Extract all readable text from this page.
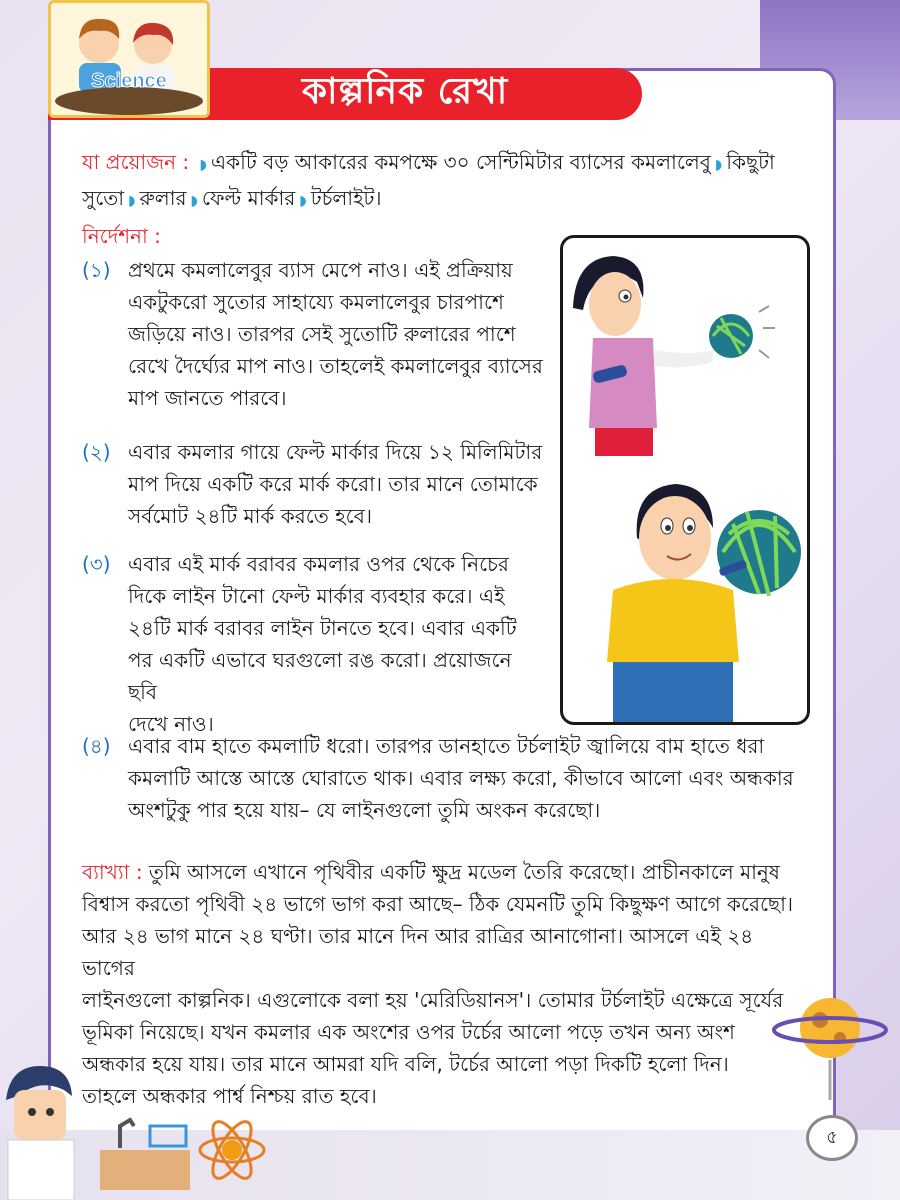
কাল্পনিক রেখা
Science
যা প্রয়োজন : ◗ একটি বড় আকারের কমপক্ষে ৩০ সেন্টিমিটার ব্যাসের কমলালেবু ◗ কিছুটা
সুতো ◗ রুলার ◗ ফেল্ট মার্কার ◗ টর্চলাইট।
নির্দেশনা :
(১) প্রথমে কমলালেবুর ব্যাস মেপে নাও। এই প্রক্রিয়ায়
একটুকরো সুতোর সাহায্যে কমলালেবুর চারপাশে
জড়িয়ে নাও। তারপর সেই সুতোটি রুলারের পাশে
রেখে দৈর্ঘ্যের মাপ নাও। তাহলেই কমলালেবুর ব্যাসের
মাপ জানতে পারবে।
(২) এবার কমলার গায়ে ফেল্ট মার্কার দিয়ে ১২ মিলিমিটার
মাপ দিয়ে একটি করে মার্ক করো। তার মানে তোমাকে
সর্বমোট ২৪টি মার্ক করতে হবে।
(৩) এবার এই মার্ক বরাবর কমলার ওপর থেকে নিচের
দিকে লাইন টানো ফেল্ট মার্কার ব্যবহার করে। এই
২৪টি মার্ক বরাবর লাইন টানতে হবে। এবার একটি
পর একটি এভাবে ঘরগুলো রঙ করো। প্রয়োজনে ছবি
দেখে নাও।
(৪) এবার বাম হাতে কমলাটি ধরো। তারপর ডানহাতে টর্চলাইট জ্বালিয়ে বাম হাতে ধরা
কমলাটি আস্তে আস্তে ঘোরাতে থাক। এবার লক্ষ্য করো, কীভাবে আলো এবং অন্ধকার
অংশটুকু পার হয়ে যায়– যে লাইনগুলো তুমি অংকন করেছো।
ব্যাখ্যা : তুমি আসলে এখানে পৃথিবীর একটি ক্ষুদ্র মডেল তৈরি করেছো। প্রাচীনকালে মানুষ
বিশ্বাস করতো পৃথিবী ২৪ ভাগে ভাগ করা আছে– ঠিক যেমনটি তুমি কিছুক্ষণ আগে করেছো।
আর ২৪ ভাগ মানে ২৪ ঘণ্টা। তার মানে দিন আর রাত্রির আনাগোনা। আসলে এই ২৪ ভাগের
লাইনগুলো কাল্পনিক। এগুলোকে বলা হয় 'মেরিডিয়ানস'। তোমার টর্চলাইট এক্ষেত্রে সূর্যের
ভূমিকা নিয়েছে। যখন কমলার এক অংশের ওপর টর্চের আলো পড়ে তখন অন্য অংশ
অন্ধকার হয়ে যায়। তার মানে আমরা যদি বলি, টর্চের আলো পড়া দিকটি হলো দিন।
তাহলে অন্ধকার পার্শ্ব নিশ্চয় রাত হবে।
৫
